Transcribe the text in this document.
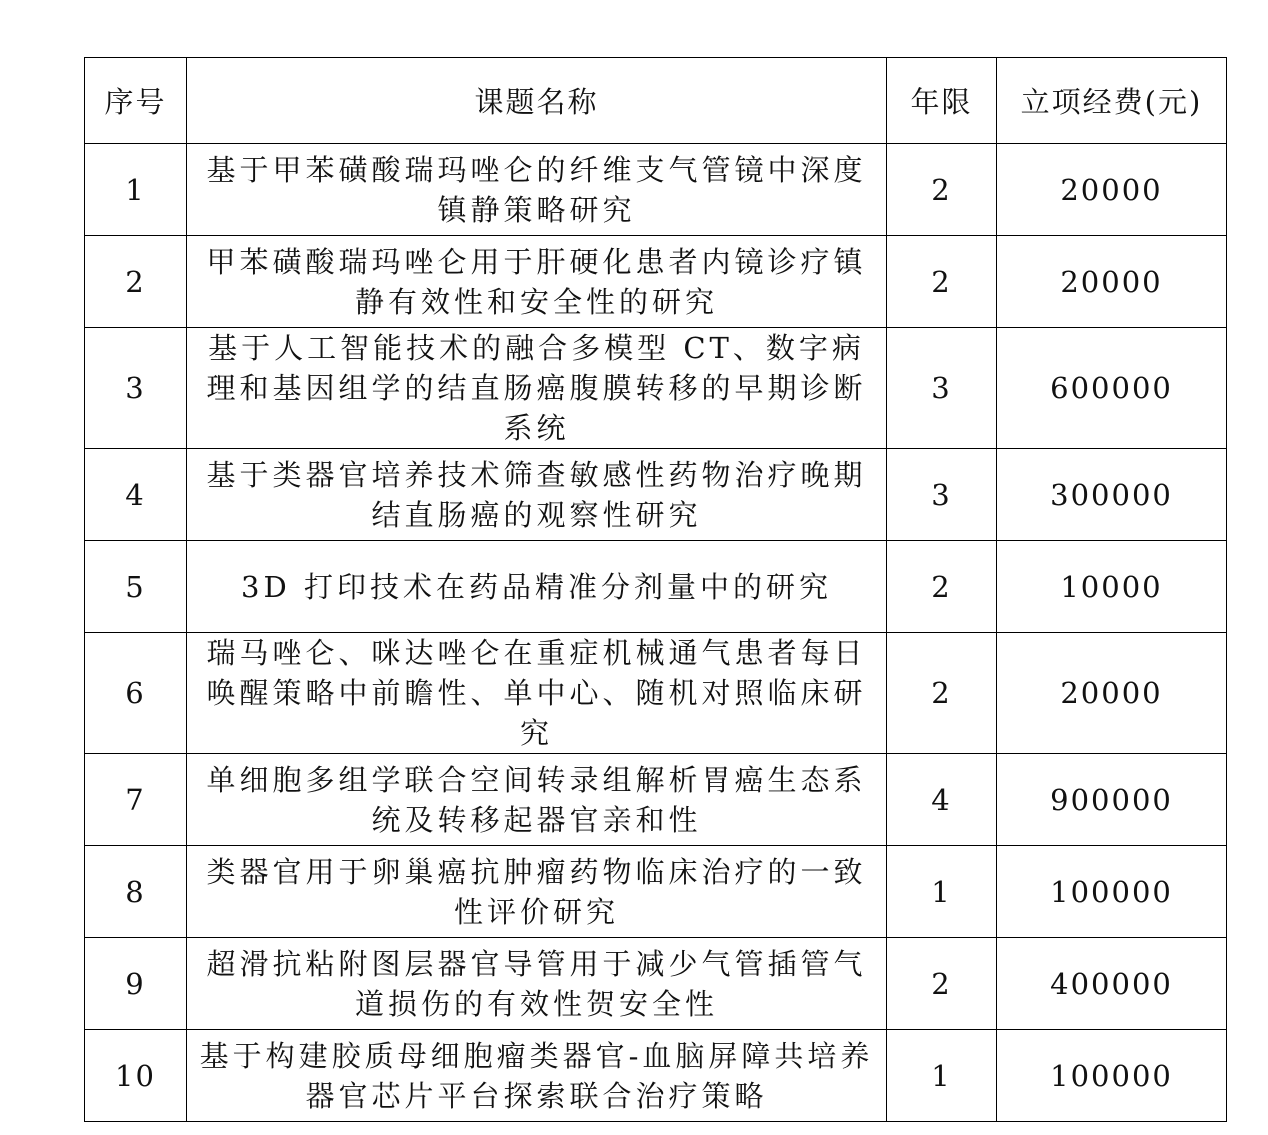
序号	课题名称	年限	立项经费(元)
1	基于甲苯磺酸瑞玛唑仑的纤维支气管镜中深度镇静策略研究	2	20000
2	甲苯磺酸瑞玛唑仑用于肝硬化患者内镜诊疗镇静有效性和安全性的研究	2	20000
3	基于人工智能技术的融合多模型 CT、数字病理和基因组学的结直肠癌腹膜转移的早期诊断系统	3	600000
4	基于类器官培养技术筛查敏感性药物治疗晚期结直肠癌的观察性研究	3	300000
5	3D 打印技术在药品精准分剂量中的研究	2	10000
6	瑞马唑仑、咪达唑仑在重症机械通气患者每日唤醒策略中前瞻性、单中心、随机对照临床研究	2	20000
7	单细胞多组学联合空间转录组解析胃癌生态系统及转移起器官亲和性	4	900000
8	类器官用于卵巢癌抗肿瘤药物临床治疗的一致性评价研究	1	100000
9	超滑抗粘附图层器官导管用于减少气管插管气道损伤的有效性贺安全性	2	400000
10	基于构建胶质母细胞瘤类器官-血脑屏障共培养器官芯片平台探索联合治疗策略	1	100000
